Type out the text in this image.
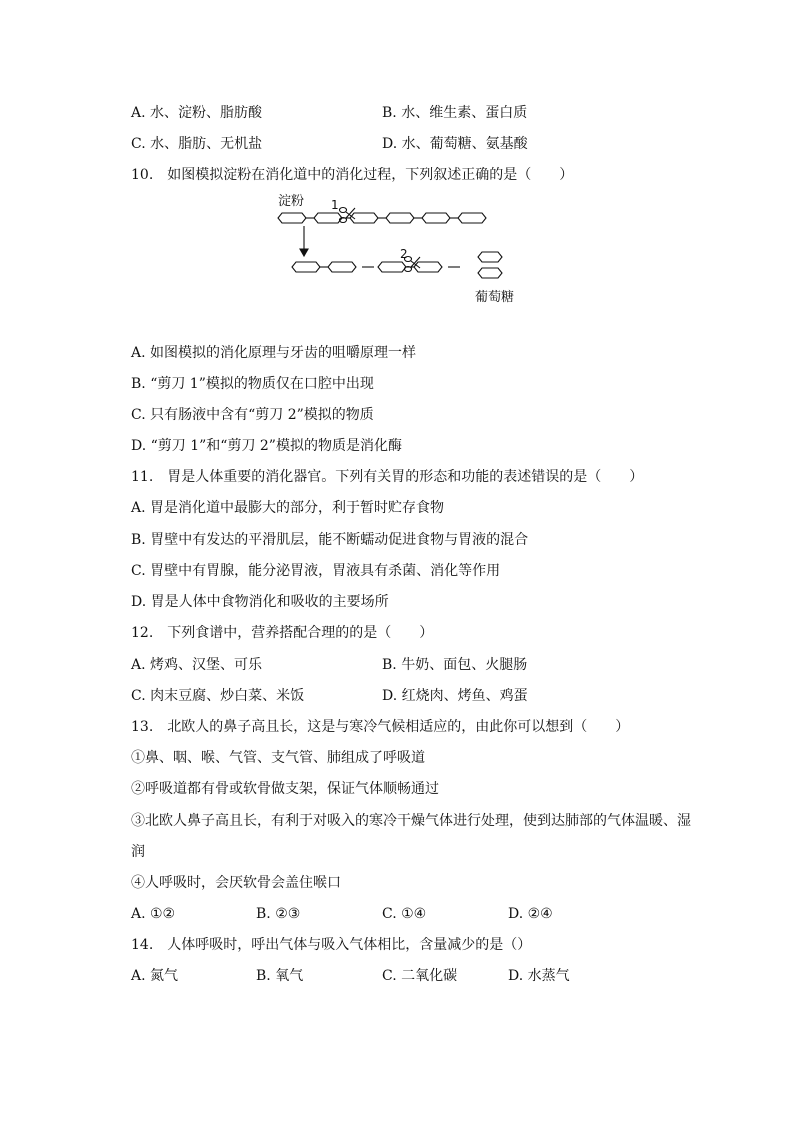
A. 水、淀粉、脂肪酸	B. 水、维生素、蛋白质
C. 水、脂肪、无机盐	D. 水、葡萄糖、氨基酸
10.　如图模拟淀粉在消化道中的消化过程，下列叙述正确的是（　　）
淀粉 1
2
葡萄糖
A. 如图模拟的消化原理与牙齿的咀嚼原理一样
B. “剪刀 1”模拟的物质仅在口腔中出现
C. 只有肠液中含有“剪刀 2”模拟的物质
D. “剪刀 1”和“剪刀 2”模拟的物质是消化酶
11.　胃是人体重要的消化器官。下列有关胃的形态和功能的表述错误的是（　　）
A. 胃是消化道中最膨大的部分，利于暂时贮存食物
B. 胃壁中有发达的平滑肌层，能不断蠕动促进食物与胃液的混合
C. 胃壁中有胃腺，能分泌胃液，胃液具有杀菌、消化等作用
D. 胃是人体中食物消化和吸收的主要场所
12.　下列食谱中，营养搭配合理的的是（　　）
A. 烤鸡、汉堡、可乐	B. 牛奶、面包、火腿肠
C. 肉末豆腐、炒白菜、米饭	D. 红烧肉、烤鱼、鸡蛋
13.　北欧人的鼻子高且长，这是与寒冷气候相适应的，由此你可以想到（　　）
①鼻、咽、喉、气管、支气管、肺组成了呼吸道
②呼吸道都有骨或软骨做支架，保证气体顺畅通过
③北欧人鼻子高且长，有利于对吸入的寒冷干燥气体进行处理，使到达肺部的气体温暖、湿
润
④人呼吸时，会厌软骨会盖住喉口
A. ①②	B. ②③	C. ①④	D. ②④
14.　人体呼吸时，呼出气体与吸入气体相比，含量减少的是（）
A. 氮气	B. 氧气	C. 二氧化碳	D. 水蒸气
